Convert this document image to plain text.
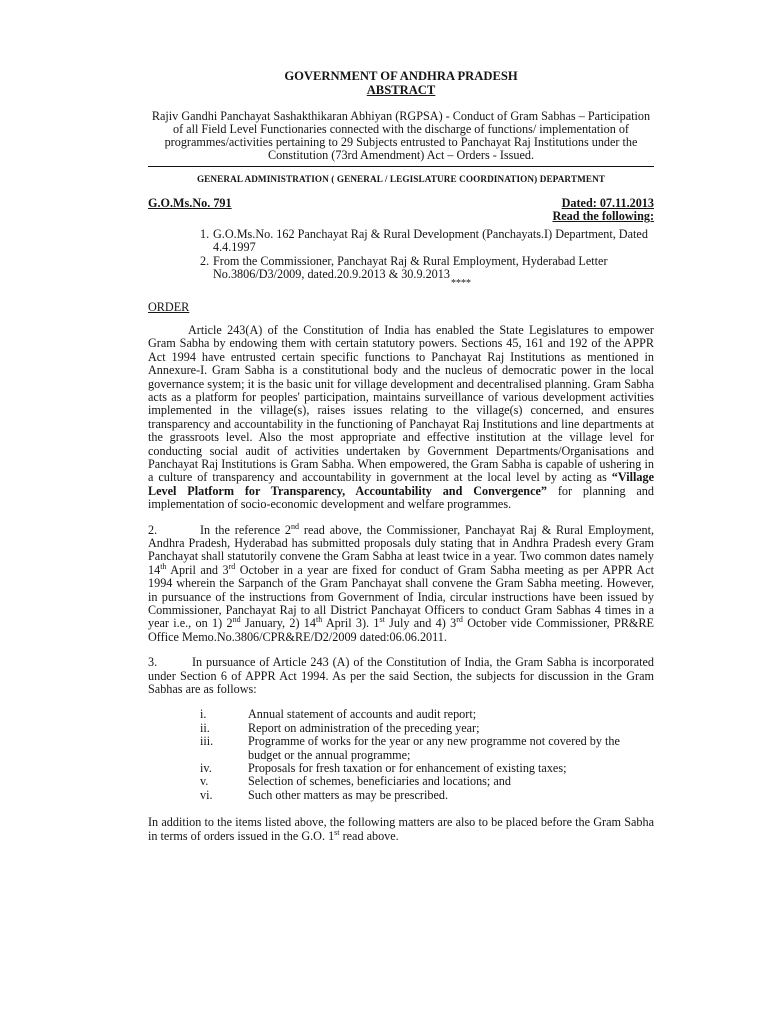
GOVERNMENT OF ANDHRA PRADESH
ABSTRACT
Rajiv Gandhi Panchayat Sashakthikaran Abhiyan (RGPSA) - Conduct of Gram Sabhas – Participation of all Field Level Functionaries connected with the discharge of functions/ implementation of programmes/activities pertaining to 29 Subjects entrusted to Panchayat Raj Institutions under the Constitution (73rd Amendment) Act – Orders - Issued.
GENERAL ADMINISTRATION ( GENERAL / LEGISLATURE COORDINATION) DEPARTMENT
G.O.Ms.No. 791	Dated: 07.11.2013
Read the following:
1. G.O.Ms.No. 162 Panchayat Raj & Rural Development (Panchayats.I) Department, Dated 4.4.1997
2. From the Commissioner, Panchayat Raj & Rural Employment, Hyderabad Letter No.3806/D3/2009, dated.20.9.2013 & 30.9.2013
****
ORDER

Article 243(A) of the Constitution of India has enabled the State Legislatures to empower Gram Sabha by endowing them with certain statutory powers. Sections 45, 161 and 192 of the APPR Act 1994 have entrusted certain specific functions to Panchayat Raj Institutions as mentioned in Annexure-I. Gram Sabha is a constitutional body and the nucleus of democratic power in the local governance system; it is the basic unit for village development and decentralised planning. Gram Sabha acts as a platform for peoples' participation, maintains surveillance of various development activities implemented in the village(s), raises issues relating to the village(s) concerned, and ensures transparency and accountability in the functioning of Panchayat Raj Institutions and line departments at the grassroots level. Also the most appropriate and effective institution at the village level for conducting social audit of activities undertaken by Government Departments/Organisations and Panchayat Raj Institutions is Gram Sabha. When empowered, the Gram Sabha is capable of ushering in a culture of transparency and accountability in government at the local level by acting as “Village Level Platform for Transparency, Accountability and Convergence” for planning and implementation of socio-economic development and welfare programmes.

2.	In the reference 2nd read above, the Commissioner, Panchayat Raj & Rural Employment, Andhra Pradesh, Hyderabad has submitted proposals duly stating that in Andhra Pradesh every Gram Panchayat shall statutorily convene the Gram Sabha at least twice in a year. Two common dates namely 14th April and 3rd October in a year are fixed for conduct of Gram Sabha meeting as per APPR Act 1994 wherein the Sarpanch of the Gram Panchayat shall convene the Gram Sabha meeting. However, in pursuance of the instructions from Government of India, circular instructions have been issued by Commissioner, Panchayat Raj to all District Panchayat Officers to conduct Gram Sabhas 4 times in a year i.e., on 1) 2nd January, 2) 14th April 3). 1st July and 4) 3rd October vide Commissioner, PR&RE Office Memo.No.3806/CPR&RE/D2/2009 dated:06.06.2011.

3.	In pursuance of Article 243 (A) of the Constitution of India, the Gram Sabha is incorporated under Section 6 of APPR Act 1994. As per the said Section, the subjects for discussion in the Gram Sabhas are as follows:

i.	Annual statement of accounts and audit report;
ii.	Report on administration of the preceding year;
iii.	Programme of works for the year or any new programme not covered by the budget or the annual programme;
iv.	Proposals for fresh taxation or for enhancement of existing taxes;
v.	Selection of schemes, beneficiaries and locations; and
vi.	Such other matters as may be prescribed.

In addition to the items listed above, the following matters are also to be placed before the Gram Sabha in terms of orders issued in the G.O. 1st read above.
